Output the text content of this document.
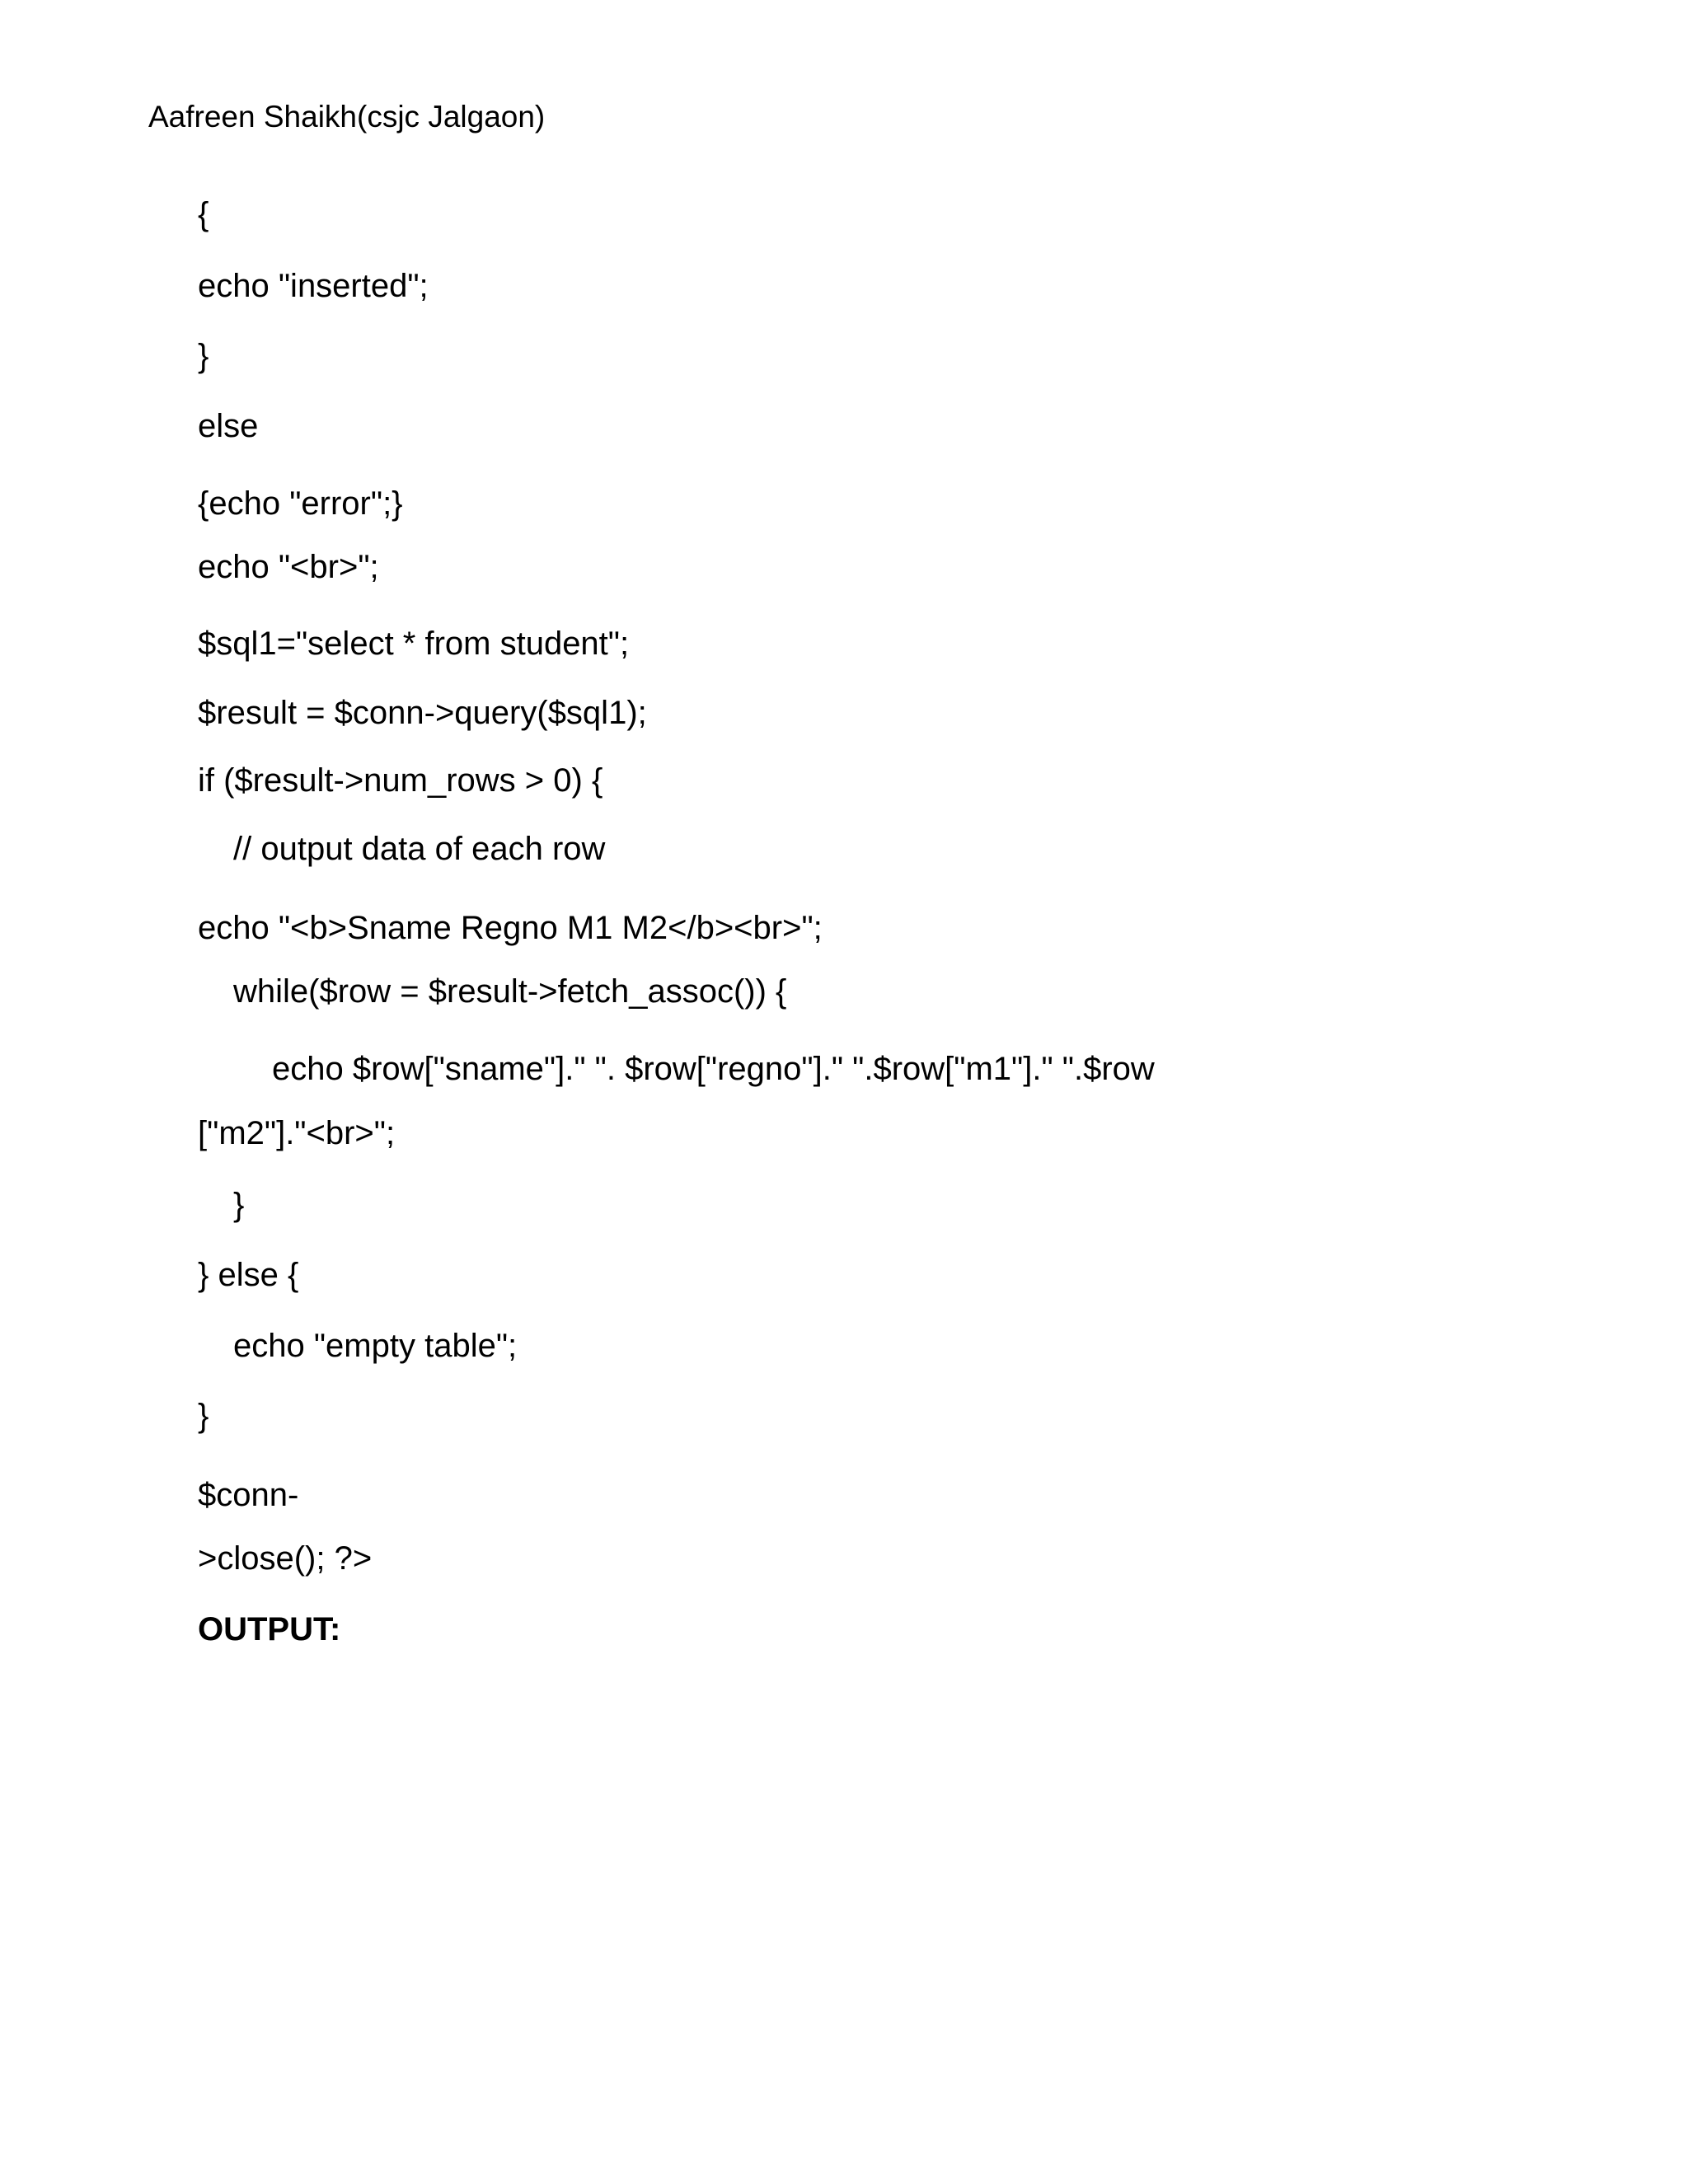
Aafreen Shaikh(csjc Jalgaon)
{
echo "inserted";
}
else
{echo "error";}
echo "<br>";
$sql1="select * from student";
$result = $conn->query($sql1);
if ($result->num_rows > 0) {
// output data of each row
echo "<b>Sname Regno M1 M2</b><br>";
while($row = $result->fetch_assoc()) {
echo $row["sname"]." ". $row["regno"]." ".$row["m1"]." ".$row
["m2"]."<br>";
}
} else {
echo "empty table";
}
$conn-
>close(); ?>
OUTPUT:
